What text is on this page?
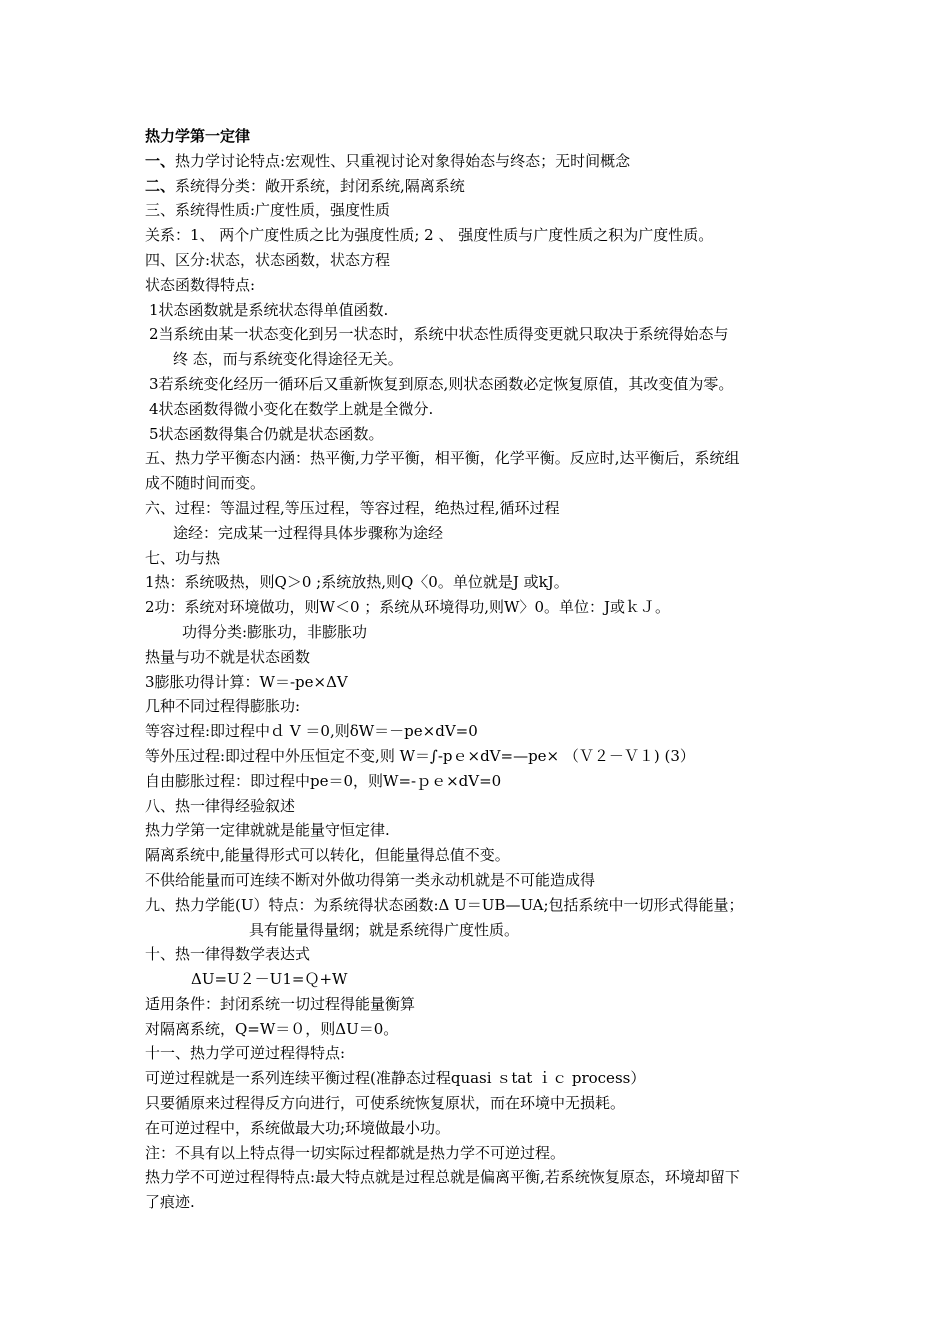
热力学第一定律
一、热力学讨论特点:宏观性、只重视讨论对象得始态与终态；无时间概念
二、系统得分类：敞开系统，封闭系统,隔离系统
三、系统得性质:广度性质，强度性质
关系：1、 两个广度性质之比为强度性质; 2 、 强度性质与广度性质之积为广度性质。
四、区分:状态，状态函数，状态方程
状态函数得特点:
1状态函数就是系统状态得单值函数.
2当系统由某一状态变化到另一状态时，系统中状态性质得变更就只取决于系统得始态与
终 态，而与系统变化得途径无关。
3若系统变化经历一循环后又重新恢复到原态,则状态函数必定恢复原值，其改变值为零。
4状态函数得微小变化在数学上就是全微分.
5状态函数得集合仍就是状态函数。
五、热力学平衡态内涵：热平衡,力学平衡，相平衡，化学平衡。反应时,达平衡后，系统组
成不随时间而变。
六、过程：等温过程,等压过程，等容过程，绝热过程,循环过程
途经：完成某一过程得具体步骤称为途经
七、功与热
1热：系统吸热，则Q＞0 ;系统放热,则Q〈0。单位就是J 或kJ。
2功：系统对环境做功，则W＜0 ；系统从环境得功,则W〉0。单位：J或ｋＪ。
功得分类:膨胀功，非膨胀功
热量与功不就是状态函数
3膨胀功得计算：W＝-pe×ΔV
几种不同过程得膨胀功:
等容过程:即过程中ｄ V ＝0,则δW＝－pe×dV=0
等外压过程:即过程中外压恒定不变,则 W＝∫-pｅ×dV=—pe× （Ｖ２－Ｖ１) (3）
自由膨胀过程：即过程中pe＝0，则W=-ｐｅ×dV=0
八、热一律得经验叙述
热力学第一定律就就是能量守恒定律.
隔离系统中,能量得形式可以转化，但能量得总值不变。
不供给能量而可连续不断对外做功得第一类永动机就是不可能造成得
九、热力学能(U）特点：为系统得状态函数:Δ U＝UB—UA;包括系统中一切形式得能量；
具有能量得量纲；就是系统得广度性质。
十、热一律得数学表达式
ΔU=U２－U1=Ｑ+W
适用条件：封闭系统一切过程得能量衡算
对隔离系统，Q=W＝０，则ΔU＝0。
十一、热力学可逆过程得特点:
可逆过程就是一系列连续平衡过程(准静态过程quasi ｓtat ｉｃ process）
只要循原来过程得反方向进行，可使系统恢复原状，而在环境中无损耗。
在可逆过程中，系统做最大功;环境做最小功。
注：不具有以上特点得一切实际过程都就是热力学不可逆过程。
热力学不可逆过程得特点:最大特点就是过程总就是偏离平衡,若系统恢复原态，环境却留下
了痕迹.
